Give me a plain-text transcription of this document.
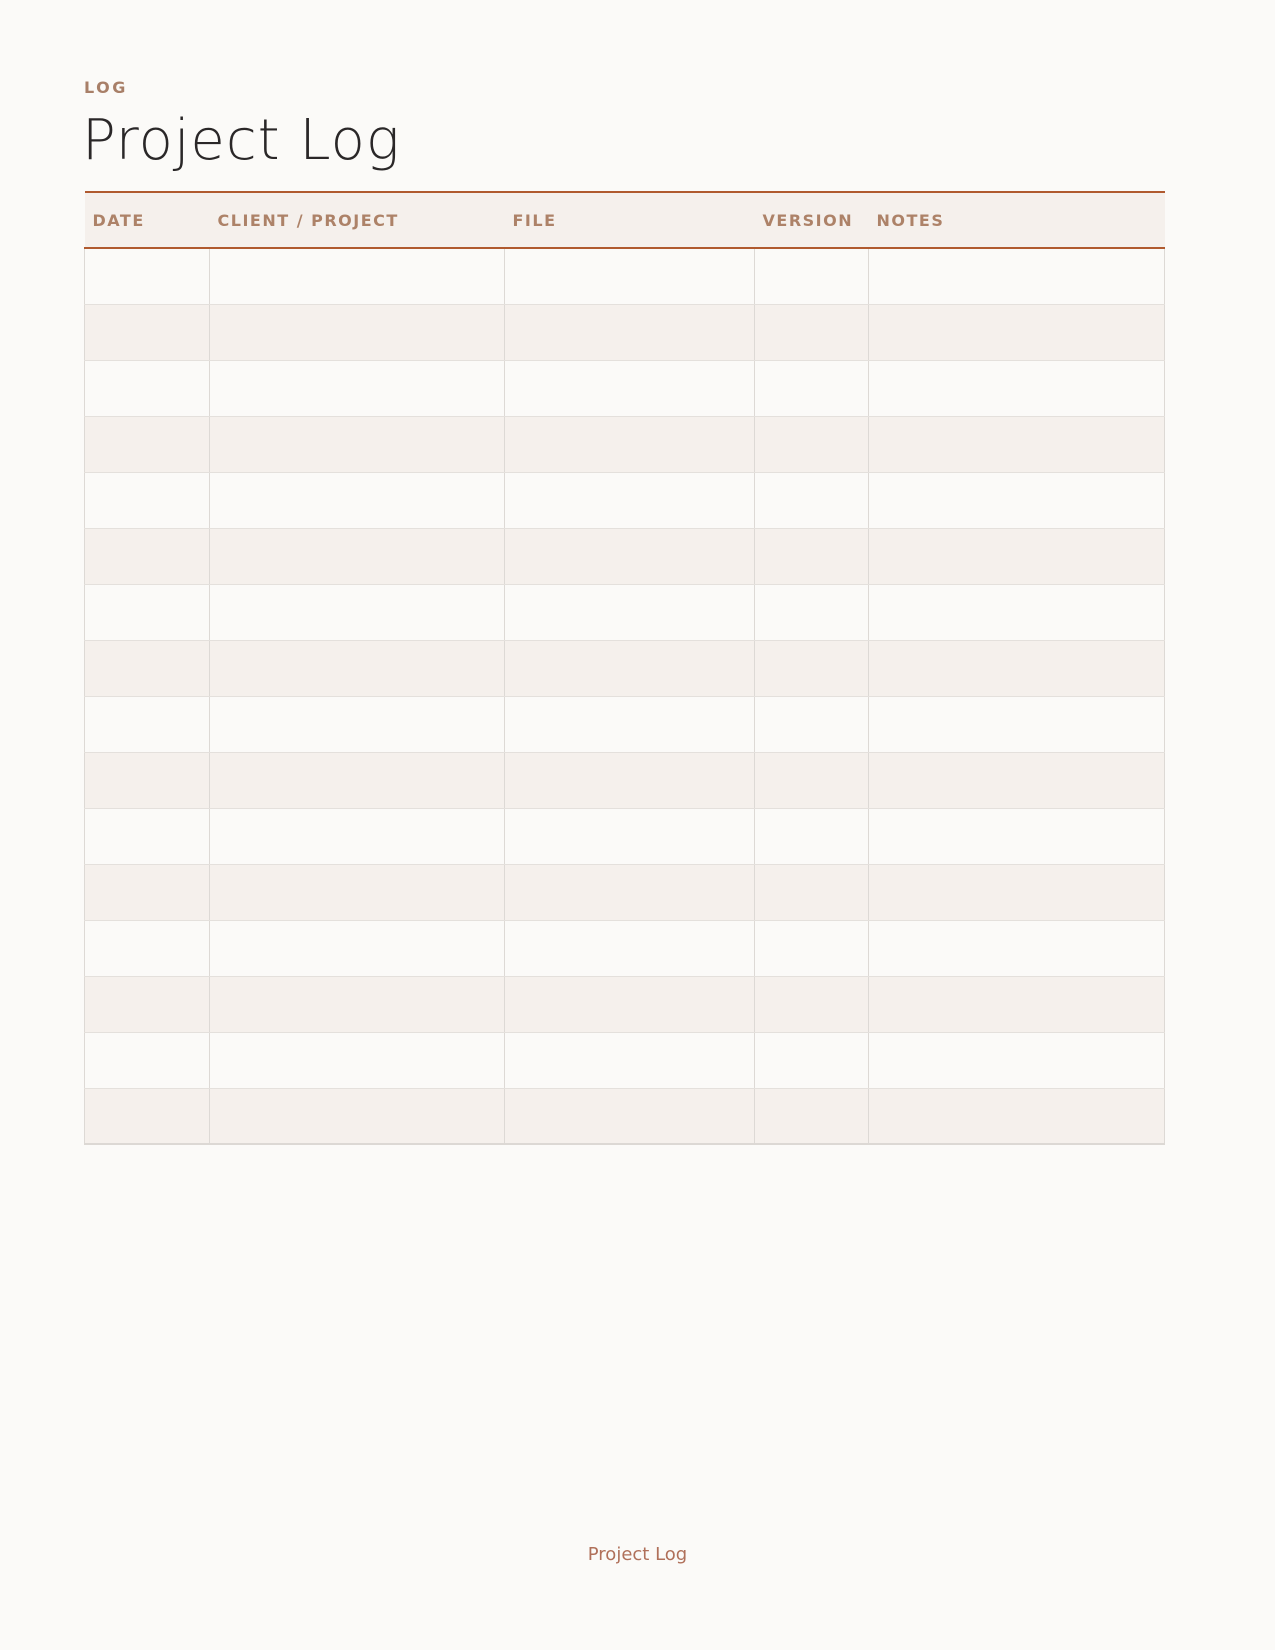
LOG
Project Log
DATE	CLIENT / PROJECT	FILE	VERSION	NOTES

Project Log
